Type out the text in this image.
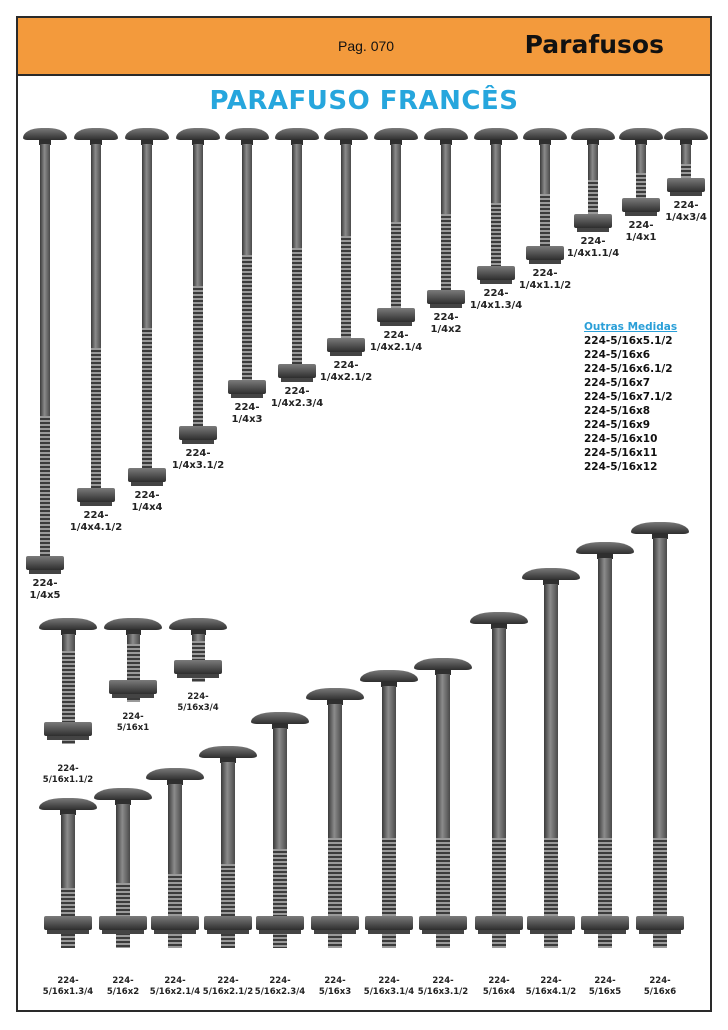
Pag. 070	Parafusos
PARAFUSO FRANCÊS
Outras Medidas
224-5/16x5.1/2
224-5/16x6
224-5/16x6.1/2
224-5/16x7
224-5/16x7.1/2
224-5/16x8
224-5/16x9
224-5/16x10
224-5/16x11
224-5/16x12
224-
1/4x5
224-
1/4x4.1/2
224-
1/4x4
224-
1/4x3.1/2
224-
1/4x3
224-
1/4x2.3/4
224-
1/4x2.1/2
224-
1/4x2.1/4
224-
1/4x2
224-
1/4x1.3/4
224-
1/4x1.1/2
224-
1/4x1.1/4
224-
1/4x1
224-
1/4x3/4
224-
5/16x1.1/2
224-
5/16x1
224-
5/16x3/4
224-
5/16x1.3/4
224-
5/16x2
224-
5/16x2.1/4
224-
5/16x2.1/2
224-
5/16x2.3/4
224-
5/16x3
224-
5/16x3.1/4
224-
5/16x3.1/2
224-
5/16x4
224-
5/16x4.1/2
224-
5/16x5
224-
5/16x6
